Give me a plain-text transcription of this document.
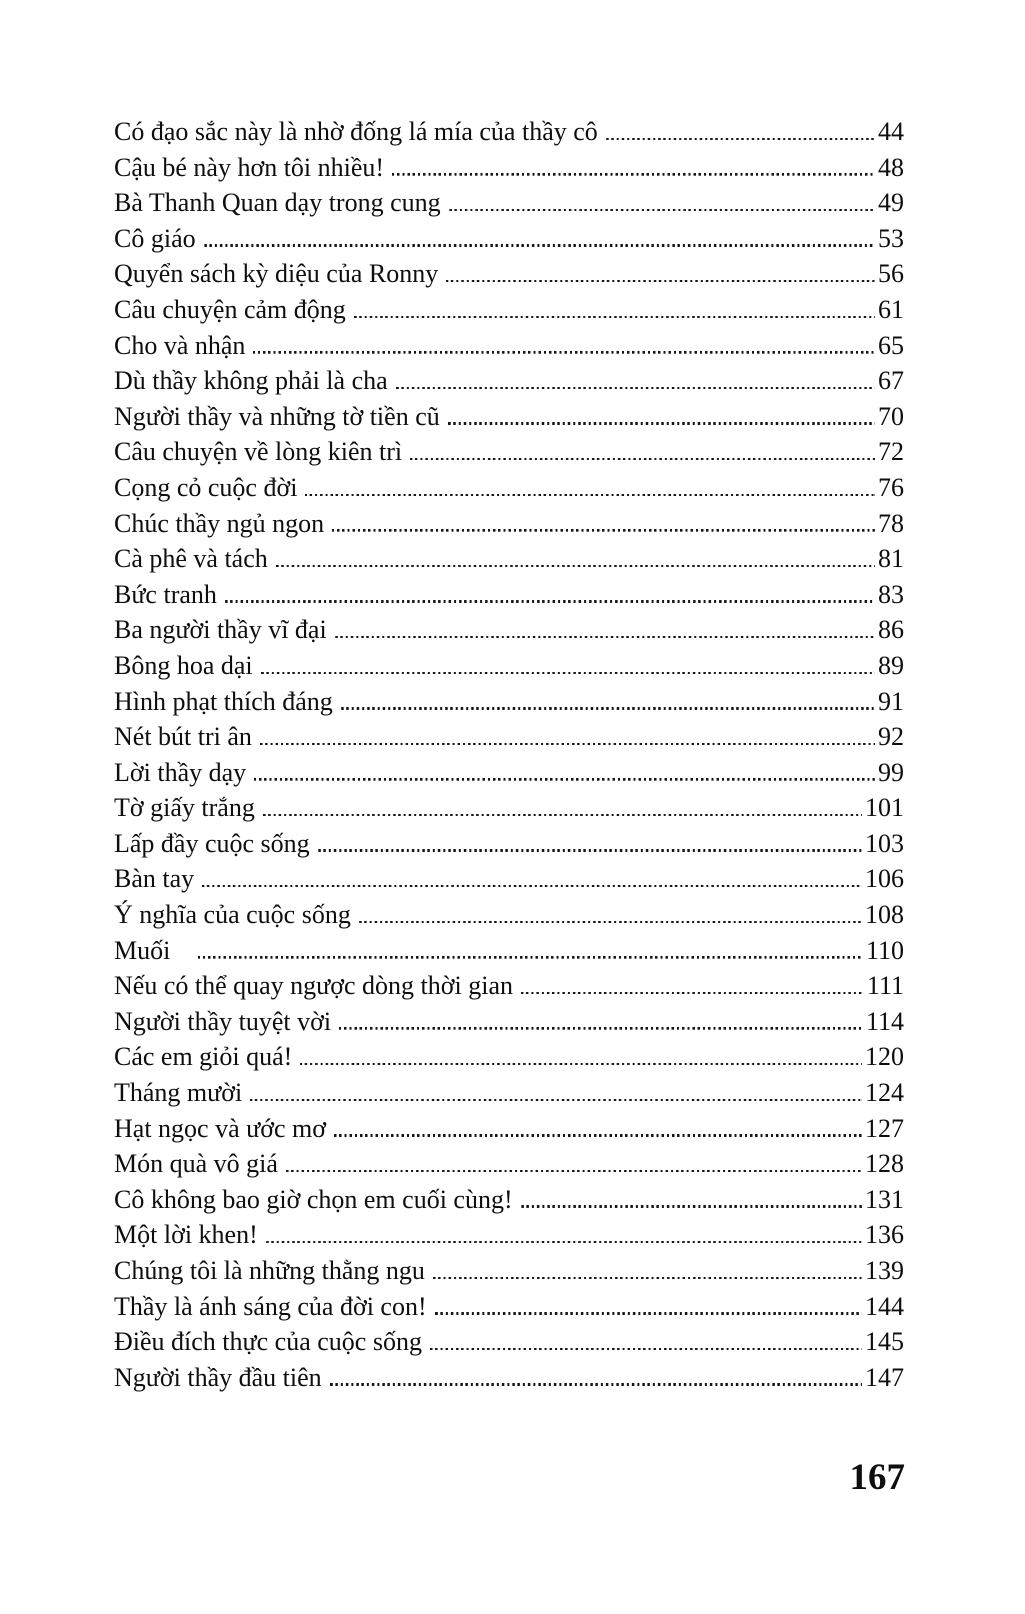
Có đạo sắc này là nhờ đống lá mía của thầy cô	44
Cậu bé này hơn tôi nhiều!	48
Bà Thanh Quan dạy trong cung	49
Cô giáo	53
Quyển sách kỳ diệu của Ronny	56
Câu chuyện cảm động	61
Cho và nhận	65
Dù thầy không phải là cha	67
Người thầy và những tờ tiền cũ	70
Câu chuyện về lòng kiên trì	72
Cọng cỏ cuộc đời	76
Chúc thầy ngủ ngon	78
Cà phê và tách	81
Bức tranh	83
Ba người thầy vĩ đại	86
Bông hoa dại	89
Hình phạt thích đáng	91
Nét bút tri ân	92
Lời thầy dạy	99
Tờ giấy trắng	101
Lấp đầy cuộc sống	103
Bàn tay	106
Ý nghĩa của cuộc sống	108
Muối	110
Nếu có thể quay ngược dòng thời gian	111
Người thầy tuyệt vời	114
Các em giỏi quá!	120
Tháng mười	124
Hạt ngọc và ước mơ	127
Món quà vô giá	128
Cô không bao giờ chọn em cuối cùng!	131
Một lời khen!	136
Chúng tôi là những thằng ngu	139
Thầy là ánh sáng của đời con!	144
Điều đích thực của cuộc sống	145
Người thầy đầu tiên	147
167
